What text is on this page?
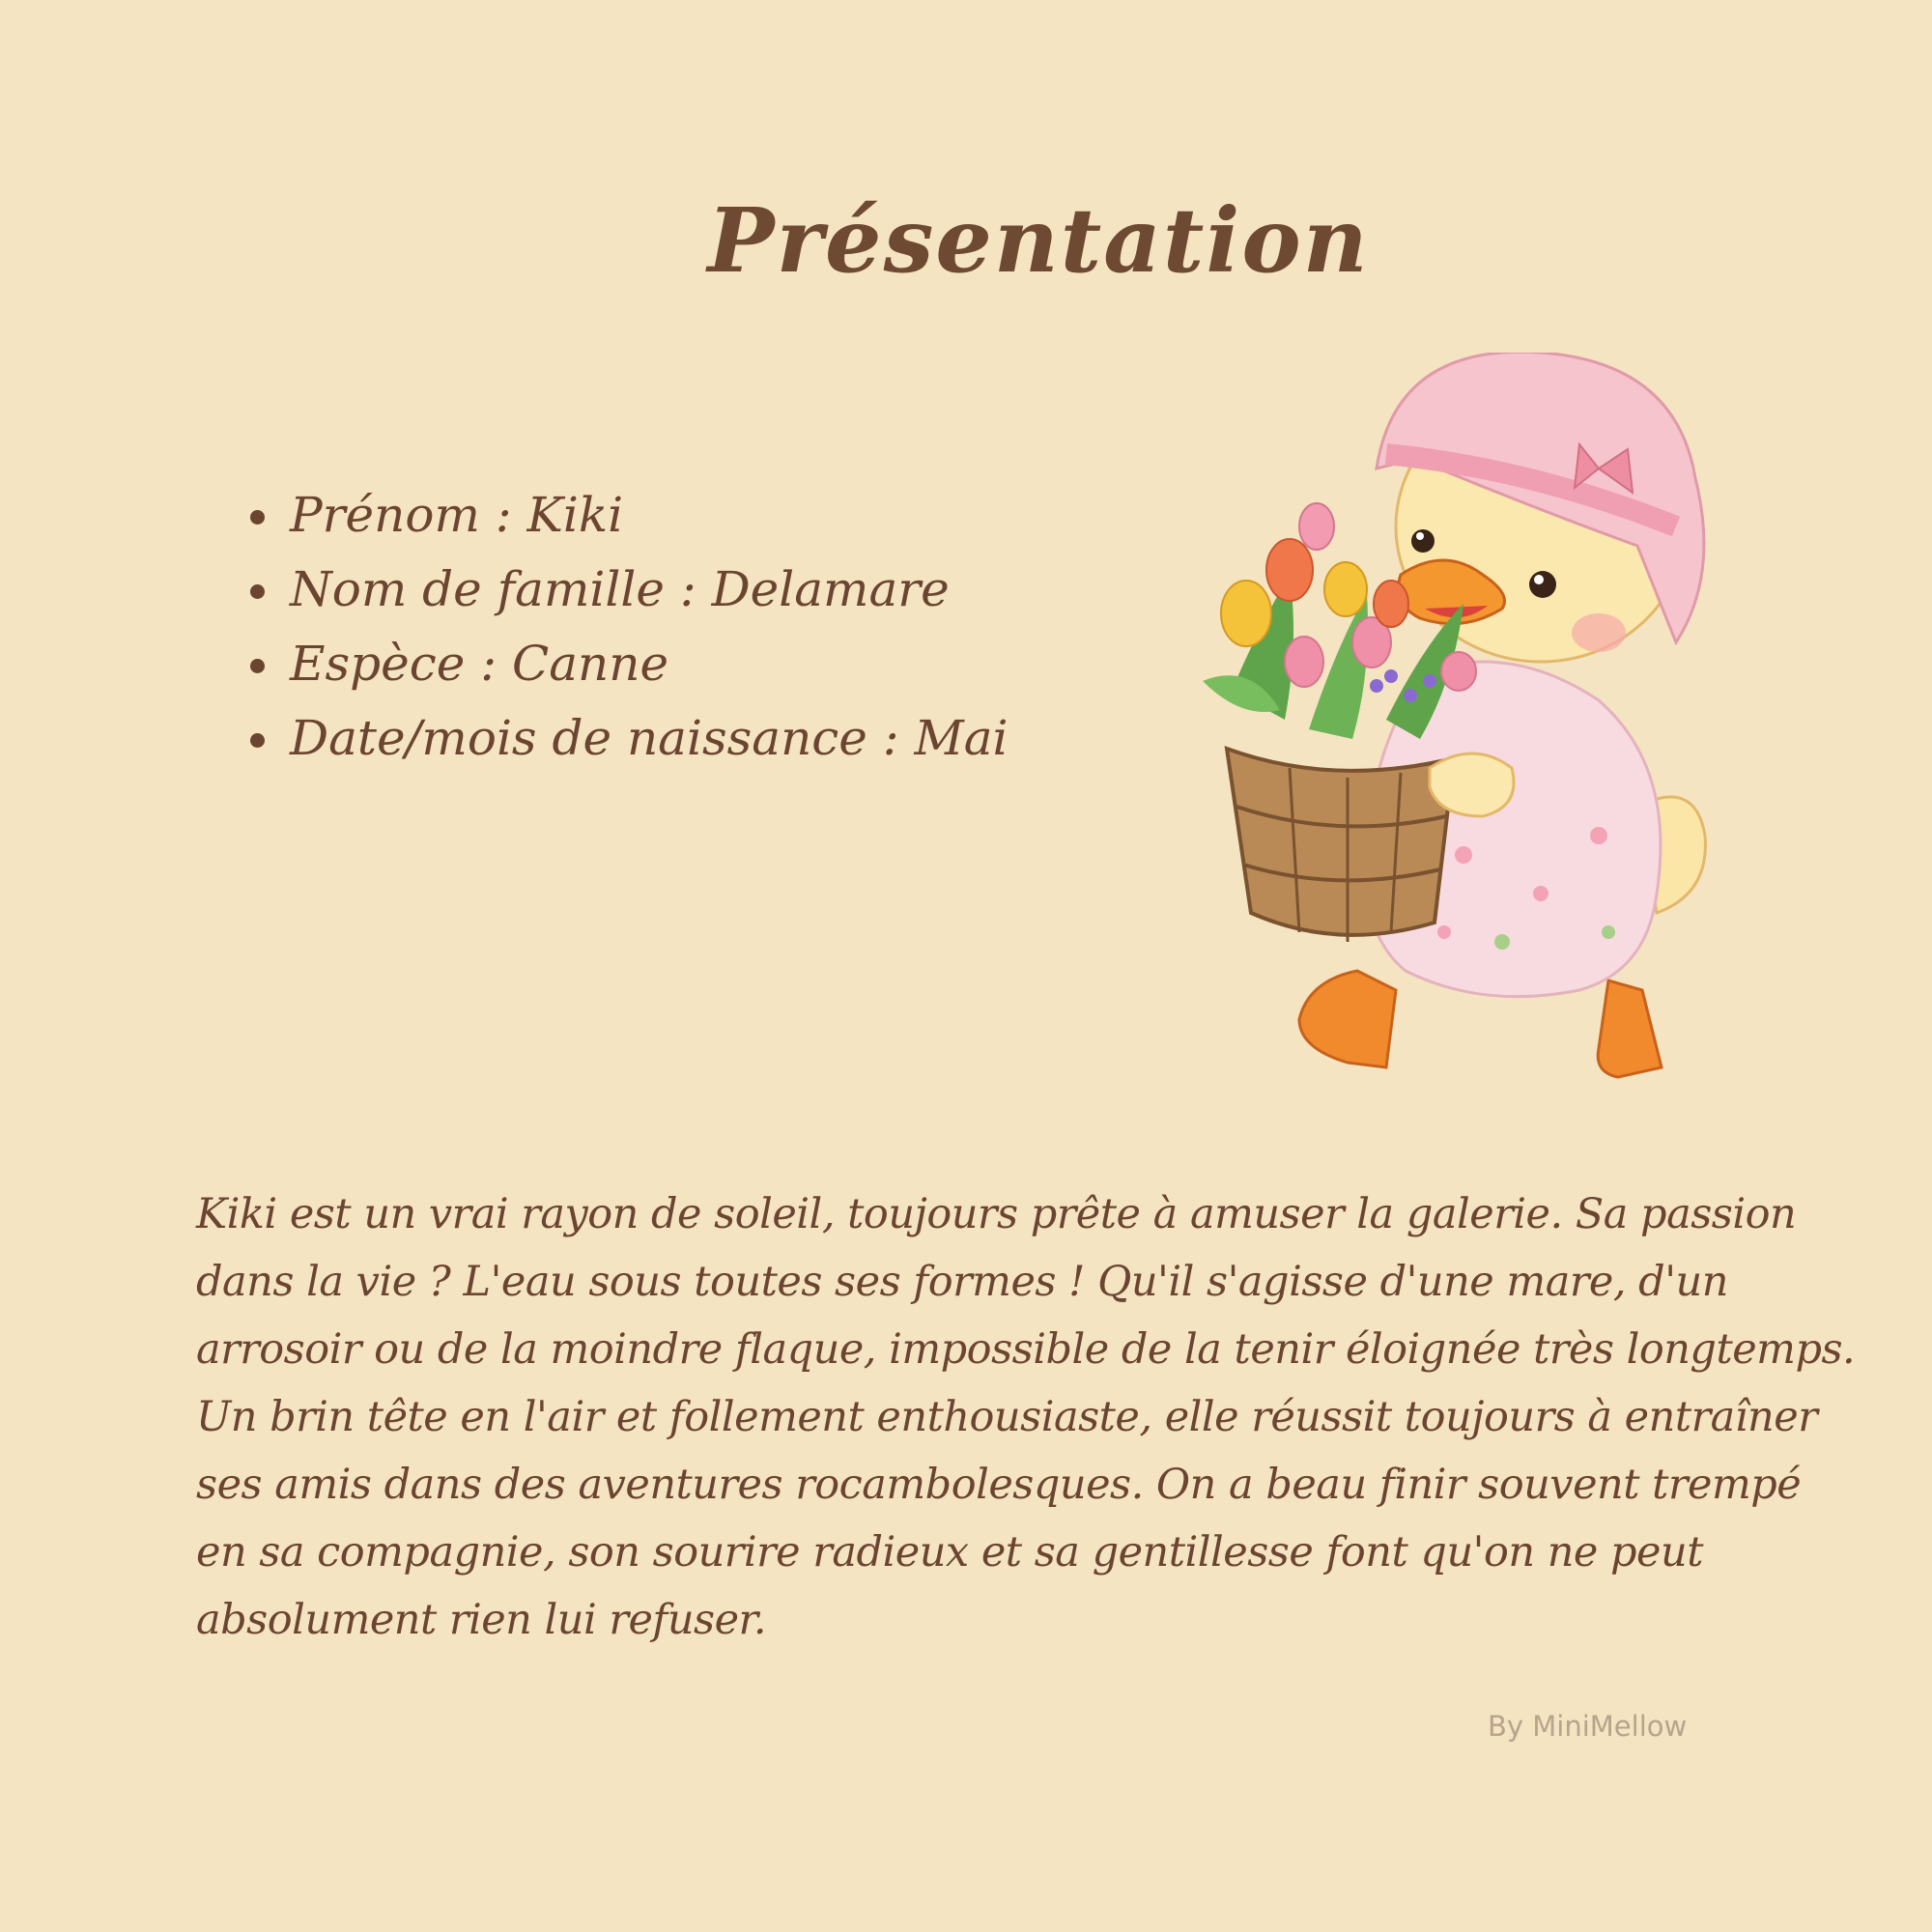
Présentation
• Prénom : Kiki
• Nom de famille : Delamare
• Espèce : Canne
• Date/mois de naissance : Mai

Kiki est un vrai rayon de soleil, toujours prête à amuser la galerie. Sa passion dans la vie ? L'eau sous toutes ses formes ! Qu'il s'agisse d'une mare, d'un arrosoir ou de la moindre flaque, impossible de la tenir éloignée très longtemps. Un brin tête en l'air et follement enthousiaste, elle réussit toujours à entraîner ses amis dans des aventures rocambolesques. On a beau finir souvent trempé en sa compagnie, son sourire radieux et sa gentillesse font qu'on ne peut absolument rien lui refuser.

By MiniMellow
